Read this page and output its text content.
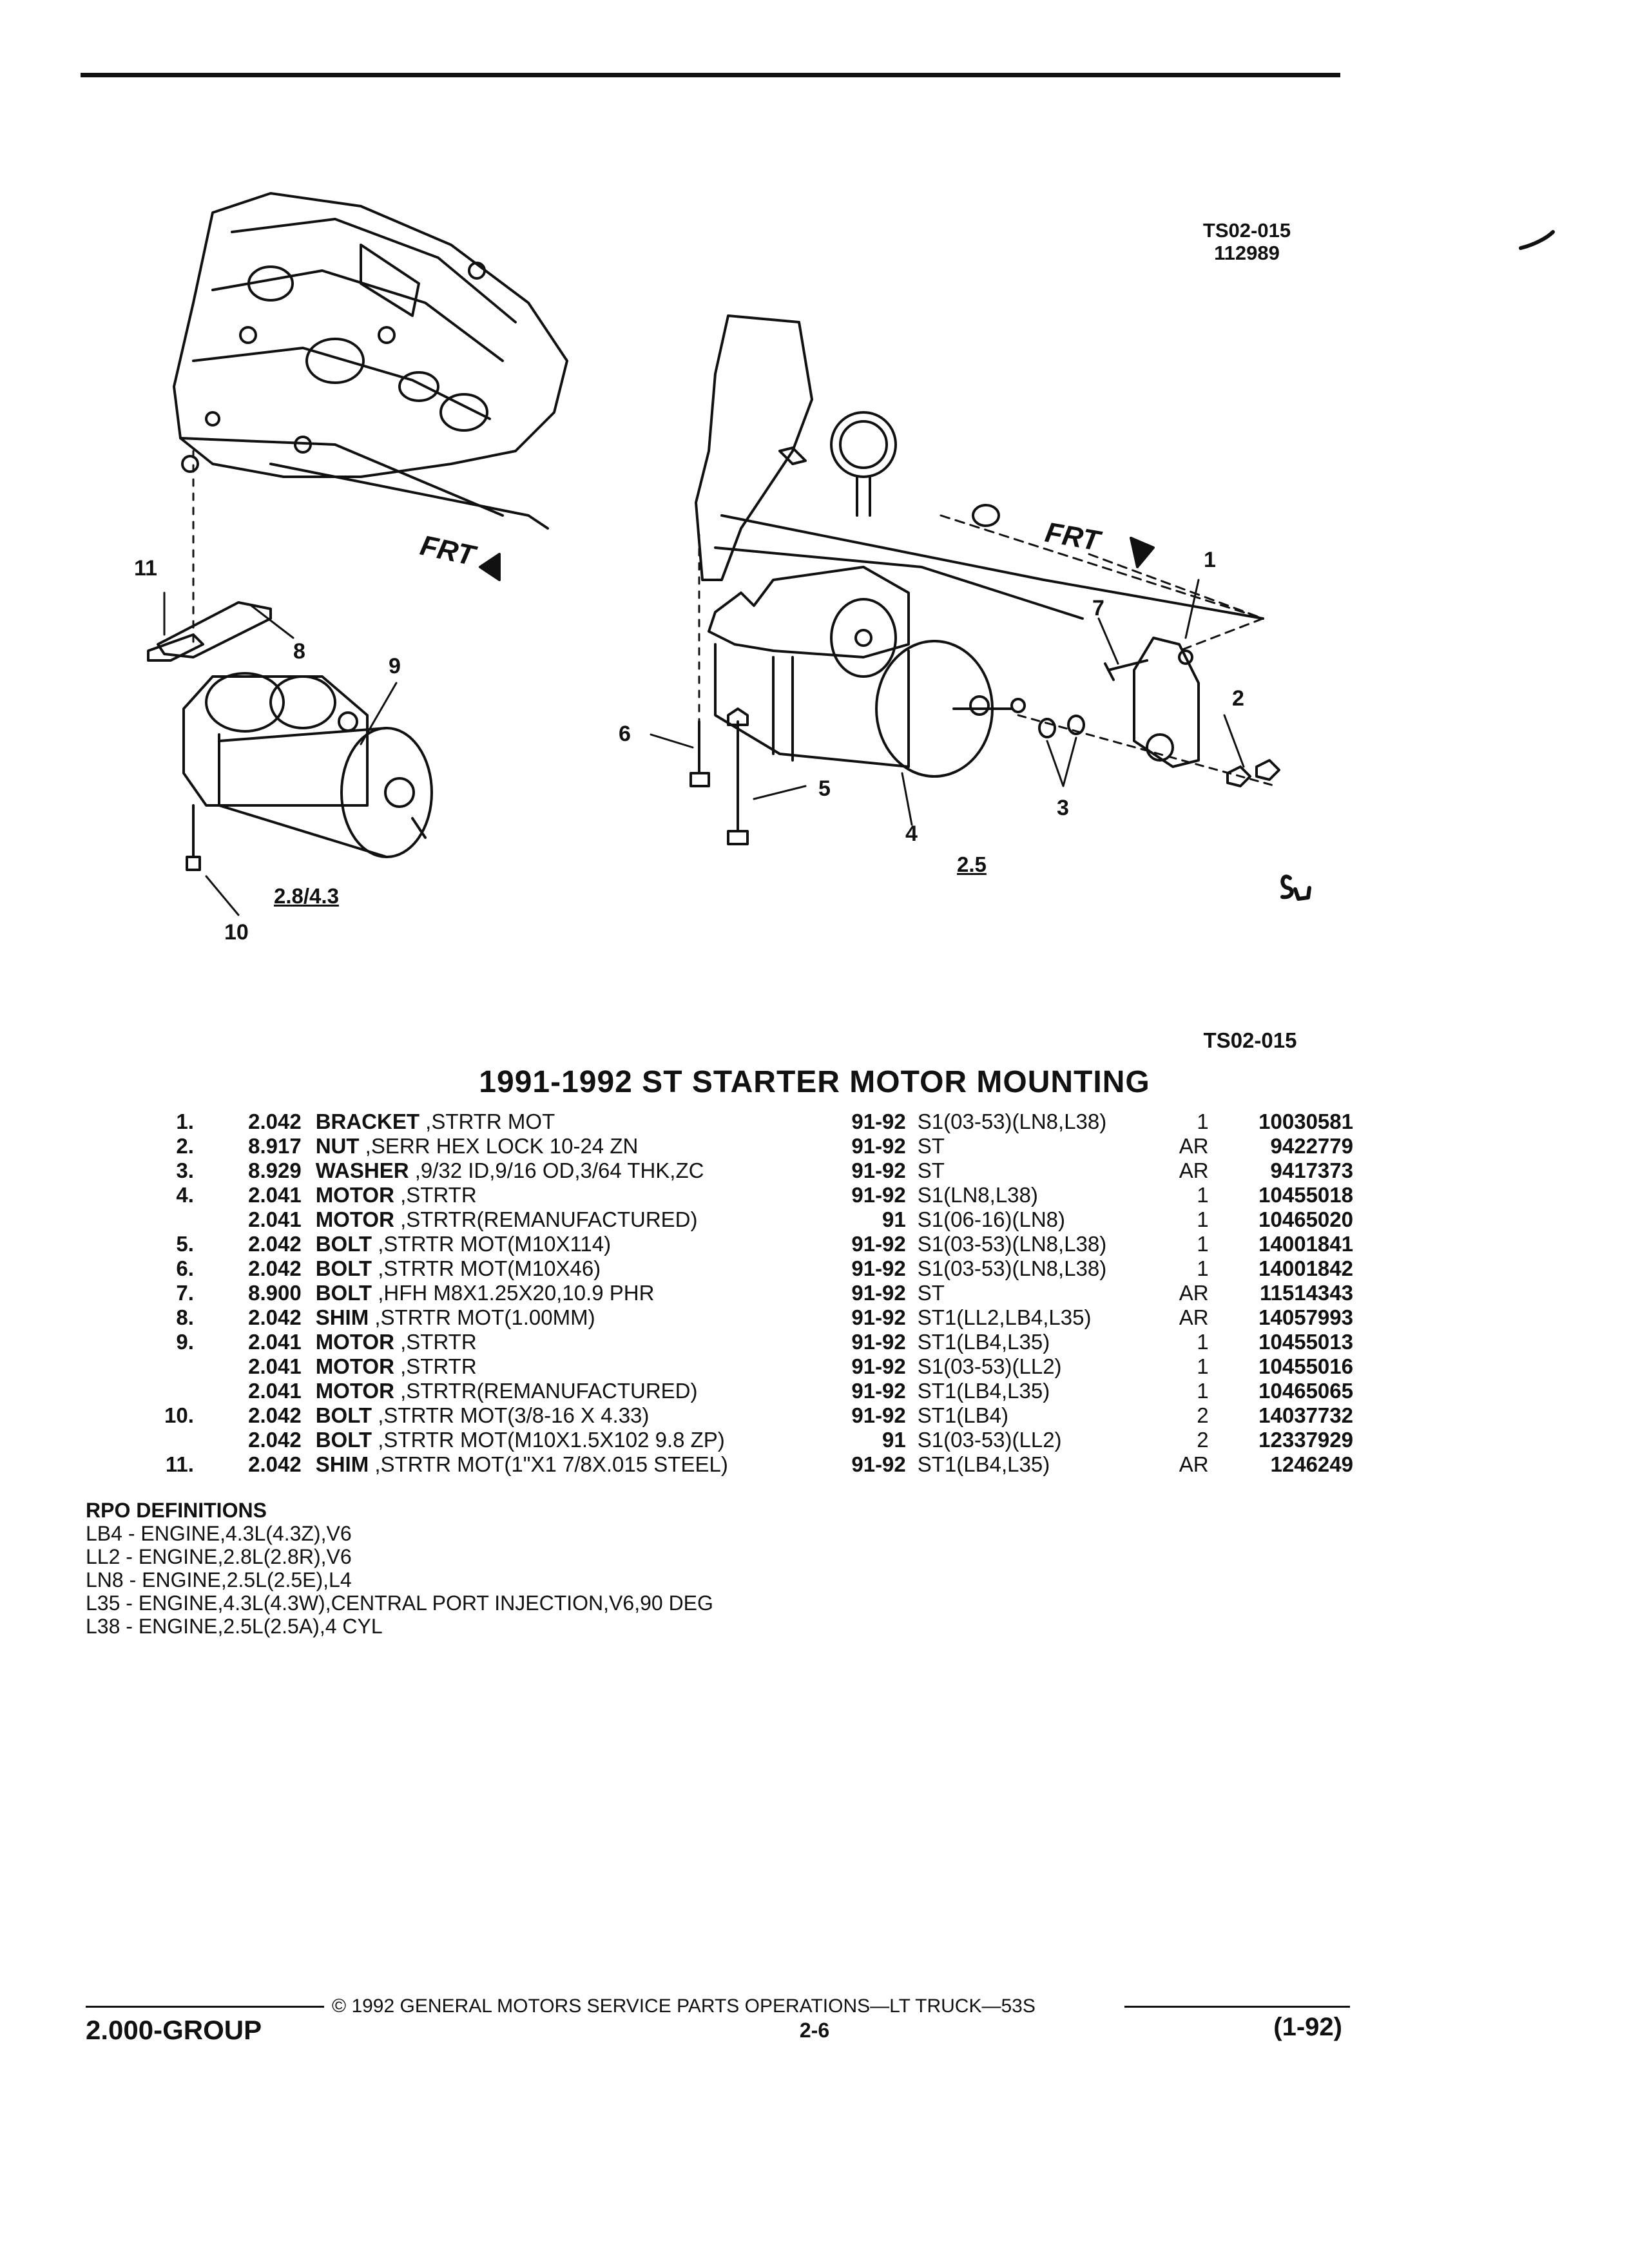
TS02-015
112989
1
2
3
4
5
6
7
8
9
10
11	FRT	FRT
2.8/4.3
2.5
TS02-015
1991-1992 ST STARTER MOTOR MOUNTING
1.	2.042	BRACKET ,STRTR MOT	91-92	S1(03-53)(LN8,L38)	1	10030581
2.	8.917	NUT ,SERR HEX LOCK 10-24 ZN	91-92	ST	AR	9422779
3.	8.929	WASHER ,9/32 ID,9/16 OD,3/64 THK,ZC	91-92	ST	AR	9417373
4.	2.041	MOTOR ,STRTR	91-92	S1(LN8,L38)	1	10455018
	2.041	MOTOR ,STRTR(REMANUFACTURED)	91	S1(06-16)(LN8)	1	10465020
5.	2.042	BOLT ,STRTR MOT(M10X114)	91-92	S1(03-53)(LN8,L38)	1	14001841
6.	2.042	BOLT ,STRTR MOT(M10X46)	91-92	S1(03-53)(LN8,L38)	1	14001842
7.	8.900	BOLT ,HFH M8X1.25X20,10.9 PHR	91-92	ST	AR	11514343
8.	2.042	SHIM ,STRTR MOT(1.00MM)	91-92	ST1(LL2,LB4,L35)	AR	14057993
9.	2.041	MOTOR ,STRTR	91-92	ST1(LB4,L35)	1	10455013
	2.041	MOTOR ,STRTR	91-92	S1(03-53)(LL2)	1	10455016
	2.041	MOTOR ,STRTR(REMANUFACTURED)	91-92	ST1(LB4,L35)	1	10465065
10.	2.042	BOLT ,STRTR MOT(3/8-16 X 4.33)	91-92	ST1(LB4)	2	14037732
	2.042	BOLT ,STRTR MOT(M10X1.5X102 9.8 ZP)	91	S1(03-53)(LL2)	2	12337929
11.	2.042	SHIM ,STRTR MOT(1"X1 7/8X.015 STEEL)	91-92	ST1(LB4,L35)	AR	1246249
RPO DEFINITIONS
LB4 - ENGINE,4.3L(4.3Z),V6
LL2 - ENGINE,2.8L(2.8R),V6
LN8 - ENGINE,2.5L(2.5E),L4
L35 - ENGINE,4.3L(4.3W),CENTRAL PORT INJECTION,V6,90 DEG
L38 - ENGINE,2.5L(2.5A),4 CYL
© 1992 GENERAL MOTORS SERVICE PARTS OPERATIONS—LT TRUCK—53S
2.000-GROUP	2-6	(1-92)
